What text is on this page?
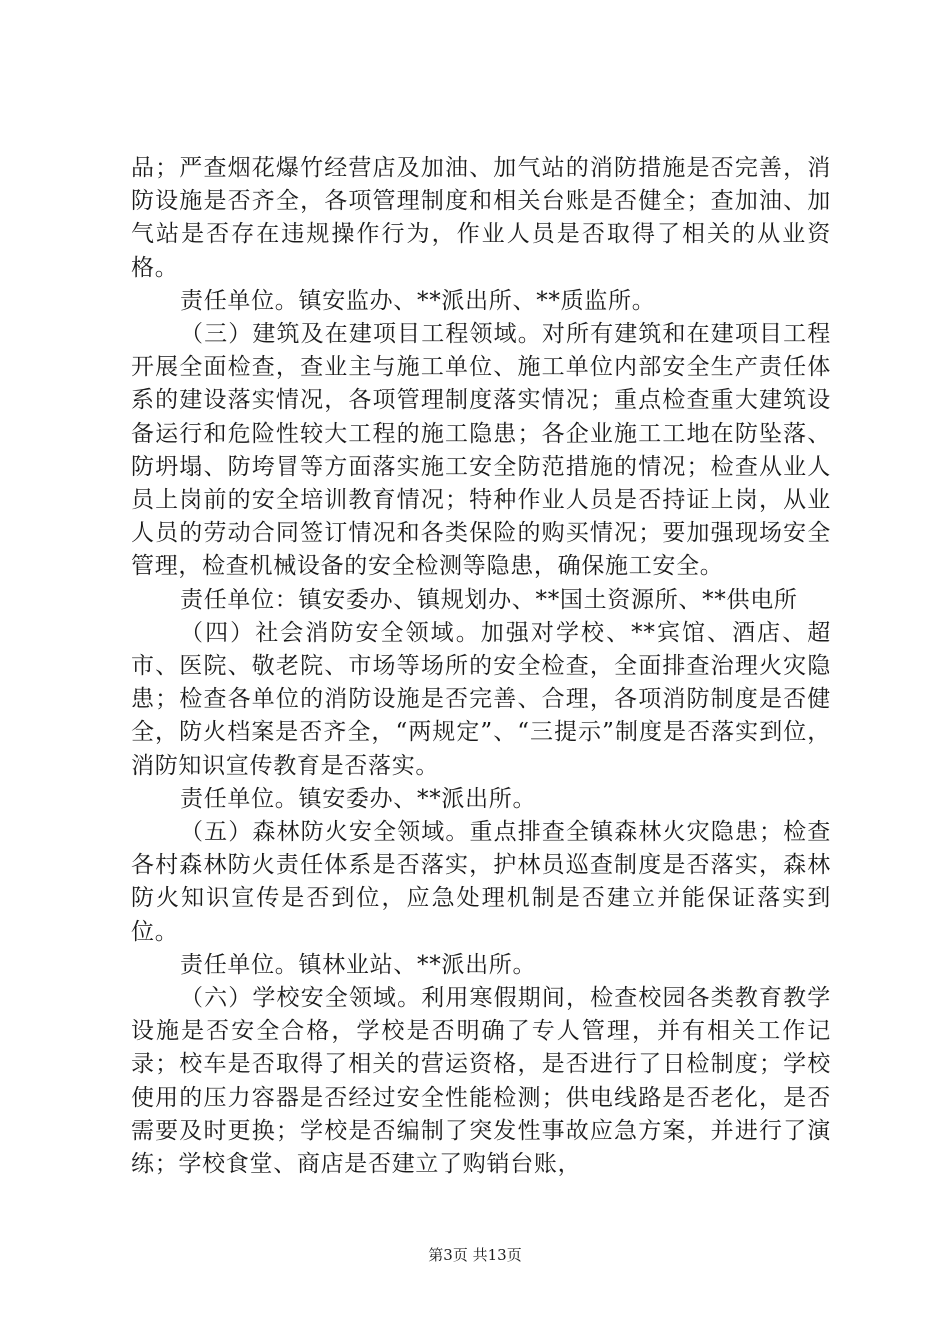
品；严查烟花爆竹经营店及加油、加气站的消防措施是否完善，消防设施是否齐全，各项管理制度和相关台账是否健全；查加油、加气站是否存在违规操作行为，作业人员是否取得了相关的从业资格。

责任单位。镇安监办、**派出所、**质监所。

（三）建筑及在建项目工程领域。对所有建筑和在建项目工程开展全面检查，查业主与施工单位、施工单位内部安全生产责任体系的建设落实情况，各项管理制度落实情况；重点检查重大建筑设备运行和危险性较大工程的施工隐患；各企业施工工地在防坠落、防坍塌、防垮冒等方面落实施工安全防范措施的情况；检查从业人员上岗前的安全培训教育情况；特种作业人员是否持证上岗，从业人员的劳动合同签订情况和各类保险的购买情况；要加强现场安全管理，检查机械设备的安全检测等隐患，确保施工安全。

责任单位：镇安委办、镇规划办、**国土资源所、**供电所

（四）社会消防安全领域。加强对学校、**宾馆、酒店、超市、医院、敬老院、市场等场所的安全检查，全面排查治理火灾隐患；检查各单位的消防设施是否完善、合理，各项消防制度是否健全，防火档案是否齐全，“两规定”、“三提示”制度是否落实到位，消防知识宣传教育是否落实。

责任单位。镇安委办、**派出所。

（五）森林防火安全领域。重点排查全镇森林火灾隐患；检查各村森林防火责任体系是否落实，护林员巡查制度是否落实，森林防火知识宣传是否到位，应急处理机制是否建立并能保证落实到位。

责任单位。镇林业站、**派出所。

（六）学校安全领域。利用寒假期间，检查校园各类教育教学设施是否安全合格，学校是否明确了专人管理，并有相关工作记录；校车是否取得了相关的营运资格，是否进行了日检制度；学校使用的压力容器是否经过安全性能检测；供电线路是否老化，是否需要及时更换；学校是否编制了突发性事故应急方案，并进行了演练；学校食堂、商店是否建立了购销台账，

第3页 共13页
